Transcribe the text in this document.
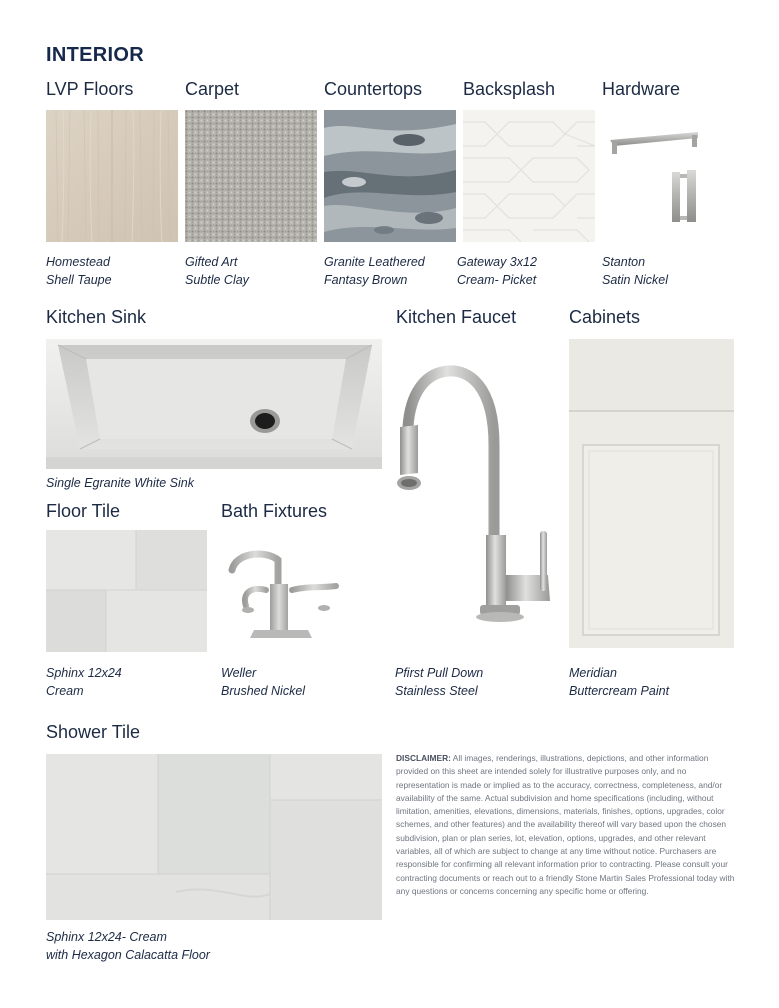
INTERIOR
LVP Floors	Carpet	Countertops Backsplash	Hardware
Homestead
Shell Taupe
Gifted Art
Subtle Clay
Granite Leathered
Fantasy Brown
Gateway 3x12
Cream- Picket
Stanton
Satin Nickel
Kitchen Sink	Kitchen Faucet	Cabinets
Single Egranite White Sink
Floor Tile	Bath Fixtures
Sphinx 12x24
Cream
Weller
Brushed Nickel
Pfirst Pull Down
Stainless Steel
Meridian
Buttercream Paint
Shower Tile
Sphinx 12x24- Cream
with Hexagon Calacatta Floor
DISCLAIMER: All images, renderings, illustrations, depictions, and other information provided on this sheet are intended solely for illustrative purposes only, and no representation is made or implied as to the accuracy, correctness, completeness, and/or availability of the same. Actual subdivision and home specifications (including, without limitation, amenities, elevations, dimensions, materials, finishes, options, upgrades, color schemes, and other features) and the availability thereof will vary based upon the chosen subdivision, plan or plan series, lot, elevation, options, upgrades, and other relevant variables, all of which are subject to change at any time without notice. Purchasers are responsible for confirming all relevant information prior to contracting. Please consult your contracting documents or reach out to a friendly Stone Martin Sales Professional today with any questions or concerns concerning any specific home or offering.
